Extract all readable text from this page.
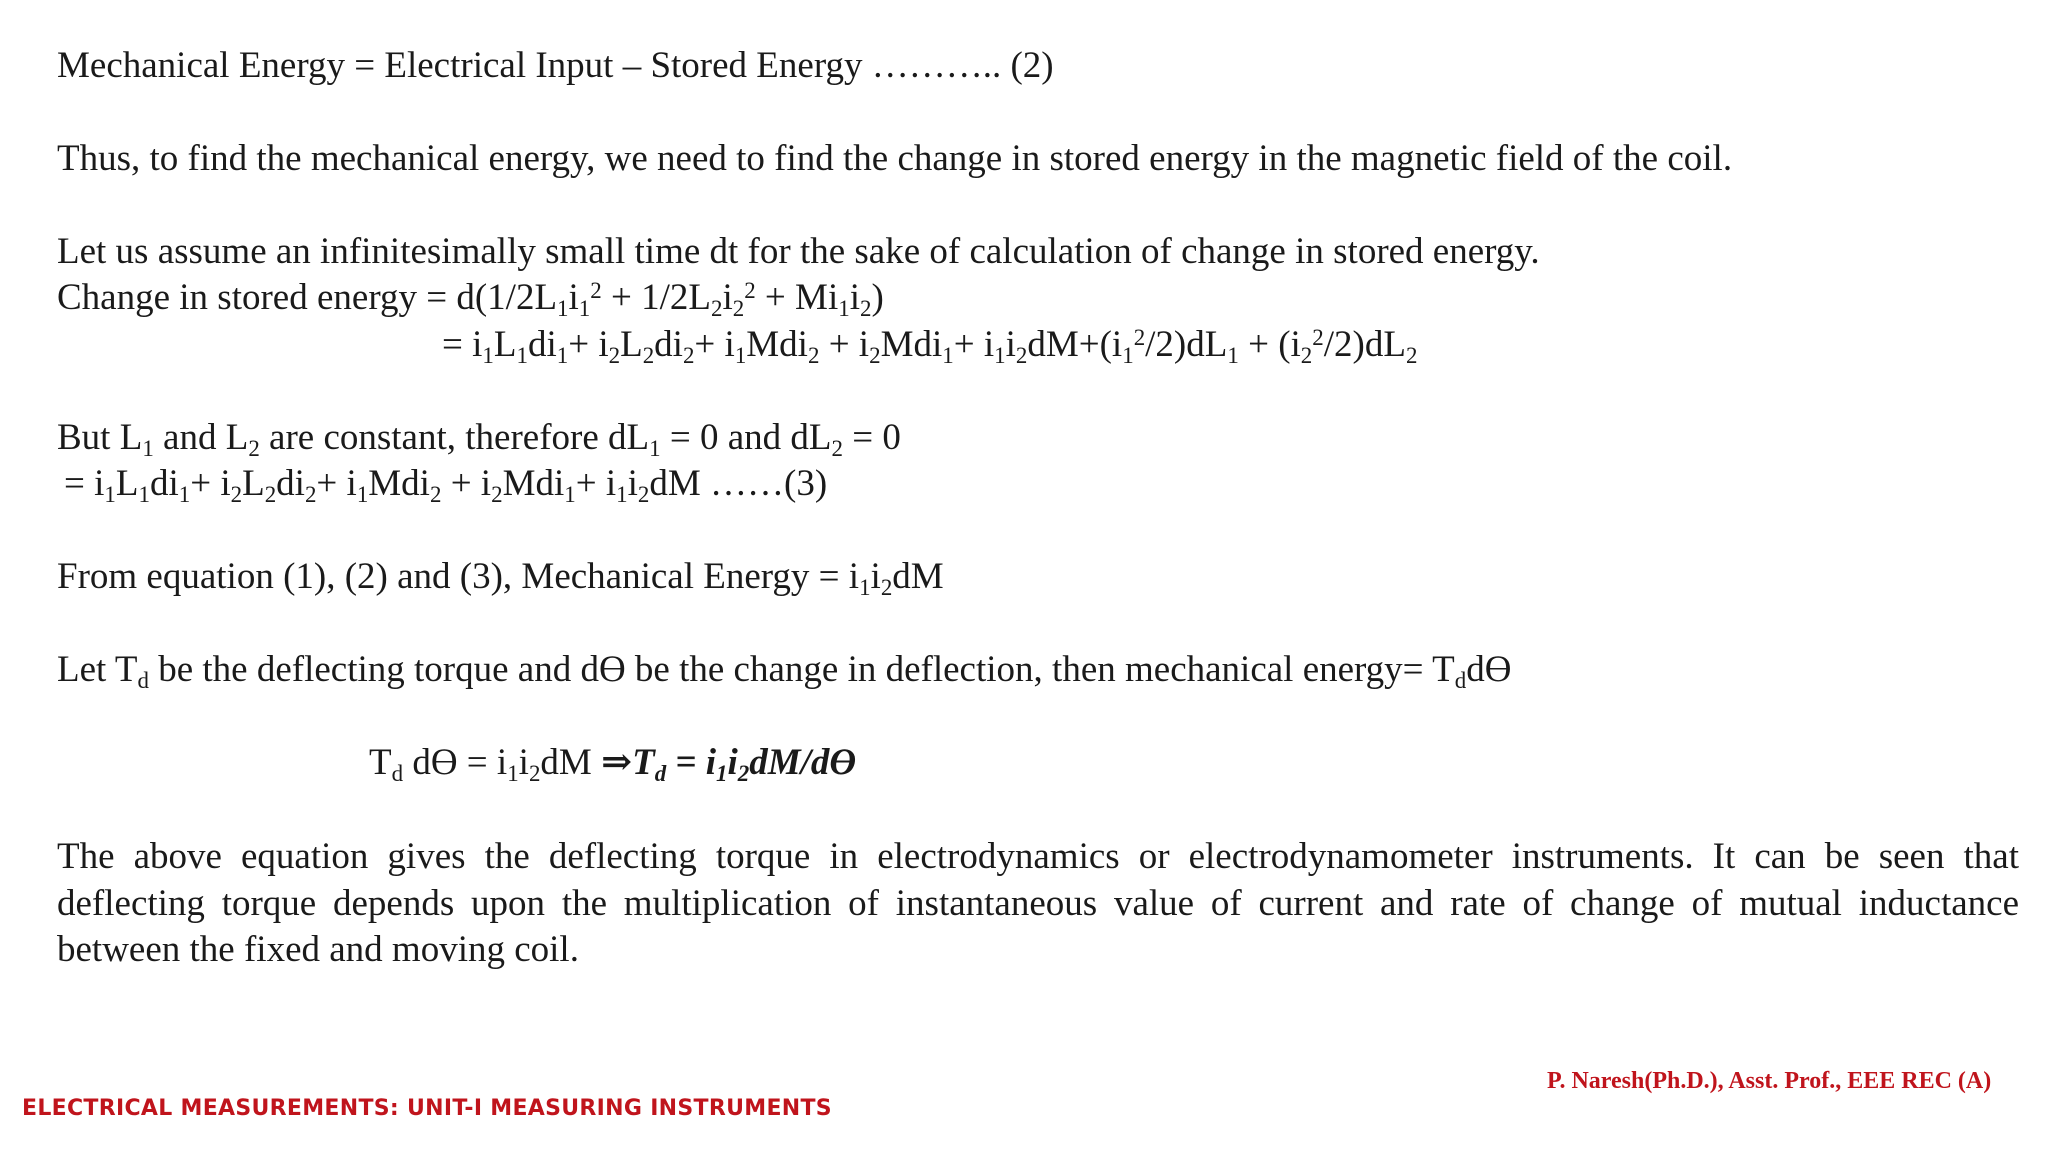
Mechanical Energy = Electrical Input – Stored Energy ……….. (2)
Thus, to find the mechanical energy, we need to find the change in stored energy in the magnetic field of the coil.
Let us assume an infinitesimally small time dt for the sake of calculation of change in stored energy.
Change in stored energy = $d(1/2L_1i_1^2 + 1/2L_2i_2^2 + Mi_1i_2)$
= $i_1L_1di_1+ i_2L_2di_2+ i_1Mdi_2 + i_2Mdi_1+ i_1i_2dM+(i_1^2/2)dL_1 + (i_2^2/2)dL_2$
But $L_1$ and $L_2$ are constant, therefore $dL_1 = 0$ and $dL_2 = 0$
= $i_1L_1di_1+ i_2L_2di_2+ i_1Mdi_2 + i_2Mdi_1+ i_1i_2dM$ ……(3)
From equation (1), (2) and (3), Mechanical Energy = $i_1i_2dM$
Let $T_d$ be the deflecting torque and dϴ be the change in deflection, then mechanical energy= $T_ddϴ$
$T_d$ $dϴ = i_1i_2dM$ $\Rightarrow T_d = i_1i_2dM/dϴ$
The above equation gives the deflecting torque in electrodynamics or electrodynamometer instruments. It can be seen that deflecting torque depends upon the multiplication of instantaneous value of current and rate of change of mutual inductance between the fixed and moving coil.
ELECTRICAL MEASUREMENTS: UNIT-I MEASURING INSTRUMENTS
P. Naresh(Ph.D.), Asst. Prof., EEE REC (A)
